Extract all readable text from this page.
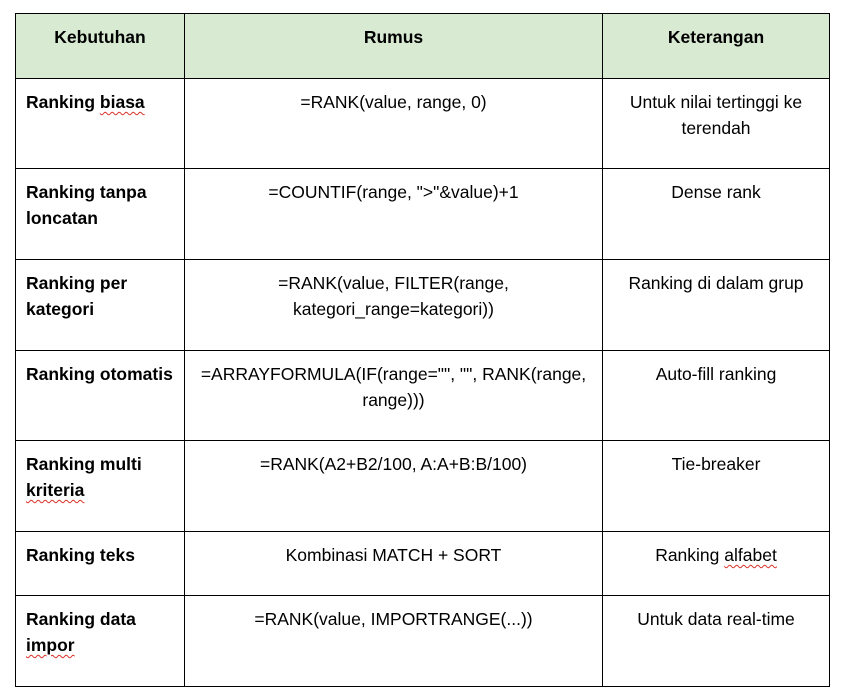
Kebutuhan	Rumus	Keterangan
Ranking biasa	=RANK(value, range, 0)	Untuk nilai tertinggi ke terendah
Ranking tanpa loncatan	=COUNTIF(range, ">"&value)+1	Dense rank
Ranking per kategori	=RANK(value, FILTER(range, kategori_range=kategori))	Ranking di dalam grup
Ranking otomatis	=ARRAYFORMULA(IF(range="", "", RANK(range, range)))	Auto-fill ranking
Ranking multi kriteria	=RANK(A2+B2/100, A:A+B:B/100)	Tie-breaker
Ranking teks	Kombinasi MATCH + SORT	Ranking alfabet
Ranking data impor	=RANK(value, IMPORTRANGE(...))	Untuk data real-time
